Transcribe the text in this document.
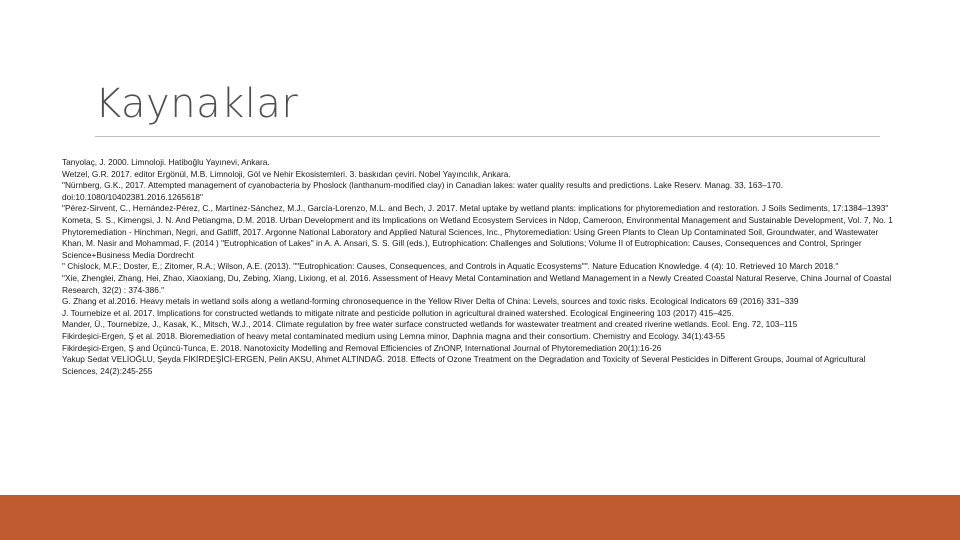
Kaynaklar
Tanyolaç, J. 2000. Limnoloji. Hatiboğlu Yayınevi, Ankara.
Wetzel, G.R. 2017. editor Ergönül, M.B. Limnoloji, Göl ve Nehir Ekosistemleri. 3. baskıdan çeviri. Nobel Yayıncılık, Ankara.
"Nürnberg, G.K., 2017. Attempted management of cyanobacteria by Phoslock (lanthanum-modified clay) in Canadian lakes: water quality results and predictions. Lake Reserv. Manag. 33, 163–170. doi:10.1080/10402381.2016.1265618"
"Pérez-Sirvent, C., Hernández-Pérez, C., Martínez-Sánchez, M.J., García-Lorenzo, M.L. and Bech, J. 2017. Metal uptake by wetland plants: implications for phytoremediation and restoration. J Soils Sediments, 17:1384–1393"
Kometa, S. S., Kimengsi, J. N. And Petiangma, D.M. 2018. Urban Development and its Implications on Wetland Ecosystem Services in Ndop, Cameroon, Environmental Management and Sustainable Development, Vol. 7, No. 1
Phytoremediation - Hinchman, Negri, and Gatliff, 2017. Argonne National Laboratory and Applied Natural Sciences, Inc., Phytoremediation: Using Green Plants to Clean Up Contaminated Soil, Groundwater, and Wastewater
Khan, M. Nasir and Mohammad, F. (2014 ) "Eutrophication of Lakes" in A. A. Ansari, S. S. Gill (eds.), Eutrophication: Challenges and Solutions; Volume II of Eutrophication: Causes, Consequences and Control, Springer Science+Business Media Dordrecht
" Chislock, M.F.; Doster, E.; Zitomer, R.A.; Wilson, A.E. (2013). ""Eutrophication: Causes, Consequences, and Controls in Aquatic Ecosystems"". Nature Education Knowledge. 4 (4): 10. Retrieved 10 March 2018."
"Xie, Zhenglei, Zhang, Hei, Zhao, Xiaoxiang, Du, Zebing, Xiang, Lixiong, et al. 2016. Assessment of Heavy Metal Contamination and Wetland Management in a Newly Created Coastal Natural Reserve, China Journal of Coastal Research, 32(2) : 374-386."
G. Zhang et al.2016. Heavy metals in wetland soils along a wetland-forming chronosequence in the Yellow River Delta of China: Levels, sources and toxic risks. Ecological Indicators 69 (2016) 331–339
J. Tournebize et al. 2017. Implications for constructed wetlands to mitigate nitrate and pesticide pollution in agricultural drained watershed. Ecological Engineering 103 (2017) 415–425.
Mander, Ü., Tournebize, J., Kasak, K., Mitsch, W.J., 2014. Climate regulation by free water surface constructed wetlands for wastewater treatment and created riverine wetlands. Ecol. Eng. 72, 103–115
Fikirdeşici-Ergen, Ş et al. 2018. Bioremediation of heavy metal contaminated medium using Lemna minor, Daphnia magna and their consortium. Chemistry and Ecology. 34(1):43-55
Fikirdeşici-Ergen, Ş and Üçüncü-Tunca, E. 2018. Nanotoxicity Modelling and Removal Efficiencies of ZnONP, International Journal of Phytoremediation 20(1):16-26
Yakup Sedat VELİOĞLU, Şeyda FİKİRDEŞİCİ-ERGEN, Pelin AKSU, Ahmet ALTINDAĞ. 2018. Effects of Ozone Treatment on the Degradation and Toxicity of Several Pesticides in Different Groups, Journal of Agricultural Sciences, 24(2):245-255
